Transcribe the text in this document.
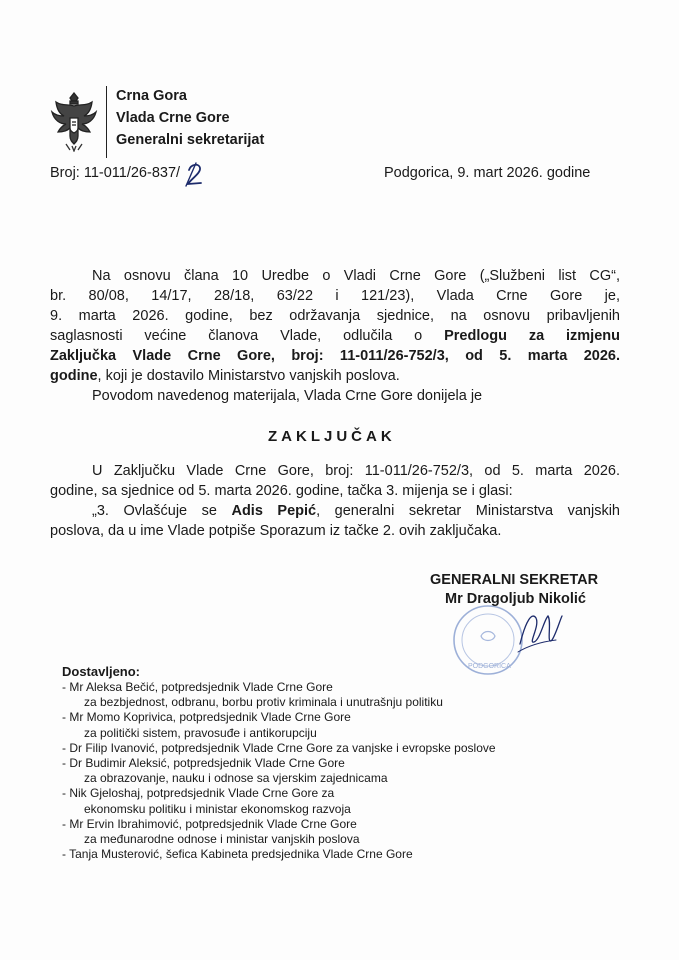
Crna Gora
Vlada Crne Gore
Generalni sekretarijat
Broj: 11-011/26-837/	Podgorica, 9. mart 2026. godine
Na osnovu člana 10 Uredbe o Vladi Crne Gore („Službeni list CG“,
br. 80/08, 14/17, 28/18, 63/22 i 121/23), Vlada Crne Gore je,
9. marta 2026. godine, bez održavanja sjednice, na osnovu pribavljenih
saglasnosti većine članova Vlade, odlučila o Predlogu za izmjenu
Zaključka Vlade Crne Gore, broj: 11-011/26-752/3, od 5. marta 2026.
godine, koji je dostavilo Ministarstvo vanjskih poslova.
Povodom navedenog materijala, Vlada Crne Gore donijela je
ZAKLJUČAK
U Zaključku Vlade Crne Gore, broj: 11-011/26-752/3, od 5. marta 2026.
godine, sa sjednice od 5. marta 2026. godine, tačka 3. mijenja se i glasi:
„3. Ovlašćuje se Adis Pepić, generalni sekretar Ministarstva vanjskih
poslova, da u ime Vlade potpiše Sporazum iz tačke 2. ovih zaključaka.
PODGORICA
GENERALNI SEKRETAR
Mr Dragoljub Nikolić
Dostavljeno:
- Mr Aleksa Bečić, potpredsjednik Vlade Crne Gore
za bezbjednost, odbranu, borbu protiv kriminala i unutrašnju politiku
- Mr Momo Koprivica, potpredsjednik Vlade Crne Gore
za politički sistem, pravosuđe i antikorupciju
- Dr Filip Ivanović, potpredsjednik Vlade Crne Gore za vanjske i evropske poslove
- Dr Budimir Aleksić, potpredsjednik Vlade Crne Gore
za obrazovanje, nauku i odnose sa vjerskim zajednicama
- Nik Gjeloshaj, potpredsjednik Vlade Crne Gore za
ekonomsku politiku i ministar ekonomskog razvoja
- Mr Ervin Ibrahimović, potpredsjednik Vlade Crne Gore
za međunarodne odnose i ministar vanjskih poslova
- Tanja Musterović, šefica Kabineta predsjednika Vlade Crne Gore
